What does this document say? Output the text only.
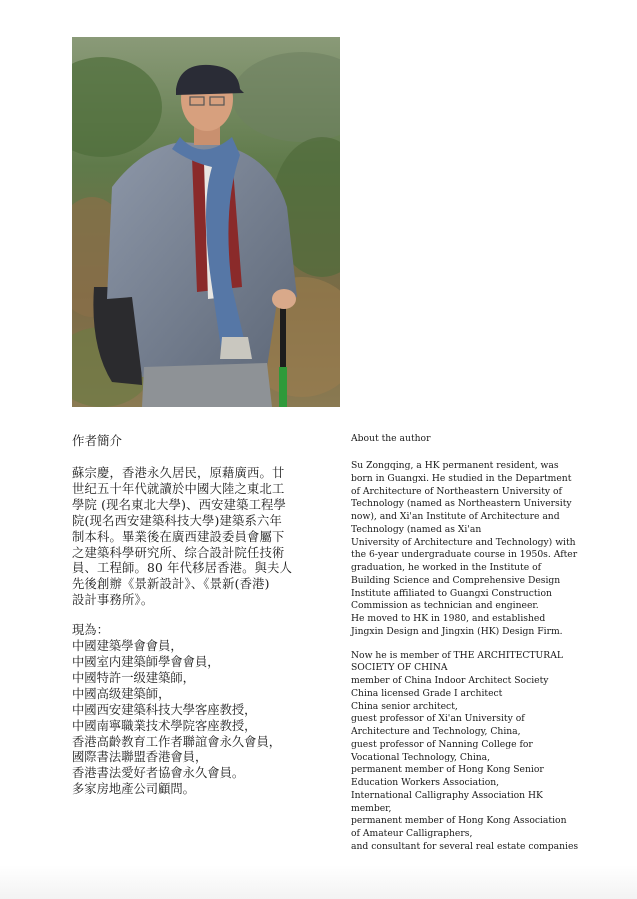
作者簡介
蘇宗慶，香港永久居民，原藉廣西。廿
世纪五十年代就讀於中國大陸之東北工
學院 (现名東北大學)、西安建築工程學
院(现名西安建築科技大學)建築系六年
制本科。畢業後在廣西建設委員會屬下
之建築科學研究所、综合設計院任技術
員、工程師。80 年代移居香港。與夫人
先後創辦《景新設計》、《景新(香港)
設計事務所》。
現為：
中國建築學會會員，
中國室内建築師學會會員，
中國特許一级建築師，
中國高级建築師，
中國西安建築科技大學客座教授，
中國南寧職業技术學院客座教授，
香港高齡教育工作者聯誼會永久會員，
國際書法聯盟香港會員，
香港書法愛好者協會永久會員。
多家房地產公司顧問。
About the author
Su Zongqing, a HK permanent resident, was
born in Guangxi. He studied in the Department
of Architecture of Northeastern University of
Technology (named as Northeastern University
now), and Xi'an Institute of Architecture and
Technology (named as Xi'an
University of Architecture and Technology) with
the 6-year undergraduate course in 1950s. After
graduation, he worked in the Institute of
Building Science and Comprehensive Design
Institute affiliated to Guangxi Construction
Commission as technician and engineer.
He moved to HK in 1980, and established
Jingxin Design and Jingxin (HK) Design Firm.
Now he is member of THE ARCHITECTURAL
SOCIETY OF CHINA
member of China Indoor Architect Society
China licensed Grade I architect
China senior architect,
guest professor of Xi'an University of
Architecture and Technology, China,
guest professor of Nanning College for
Vocational Technology, China,
permanent member of Hong Kong Senior
Education Workers Association,
International Calligraphy Association HK
member,
permanent member of Hong Kong Association
of Amateur Calligraphers,
and consultant for several real estate companies
